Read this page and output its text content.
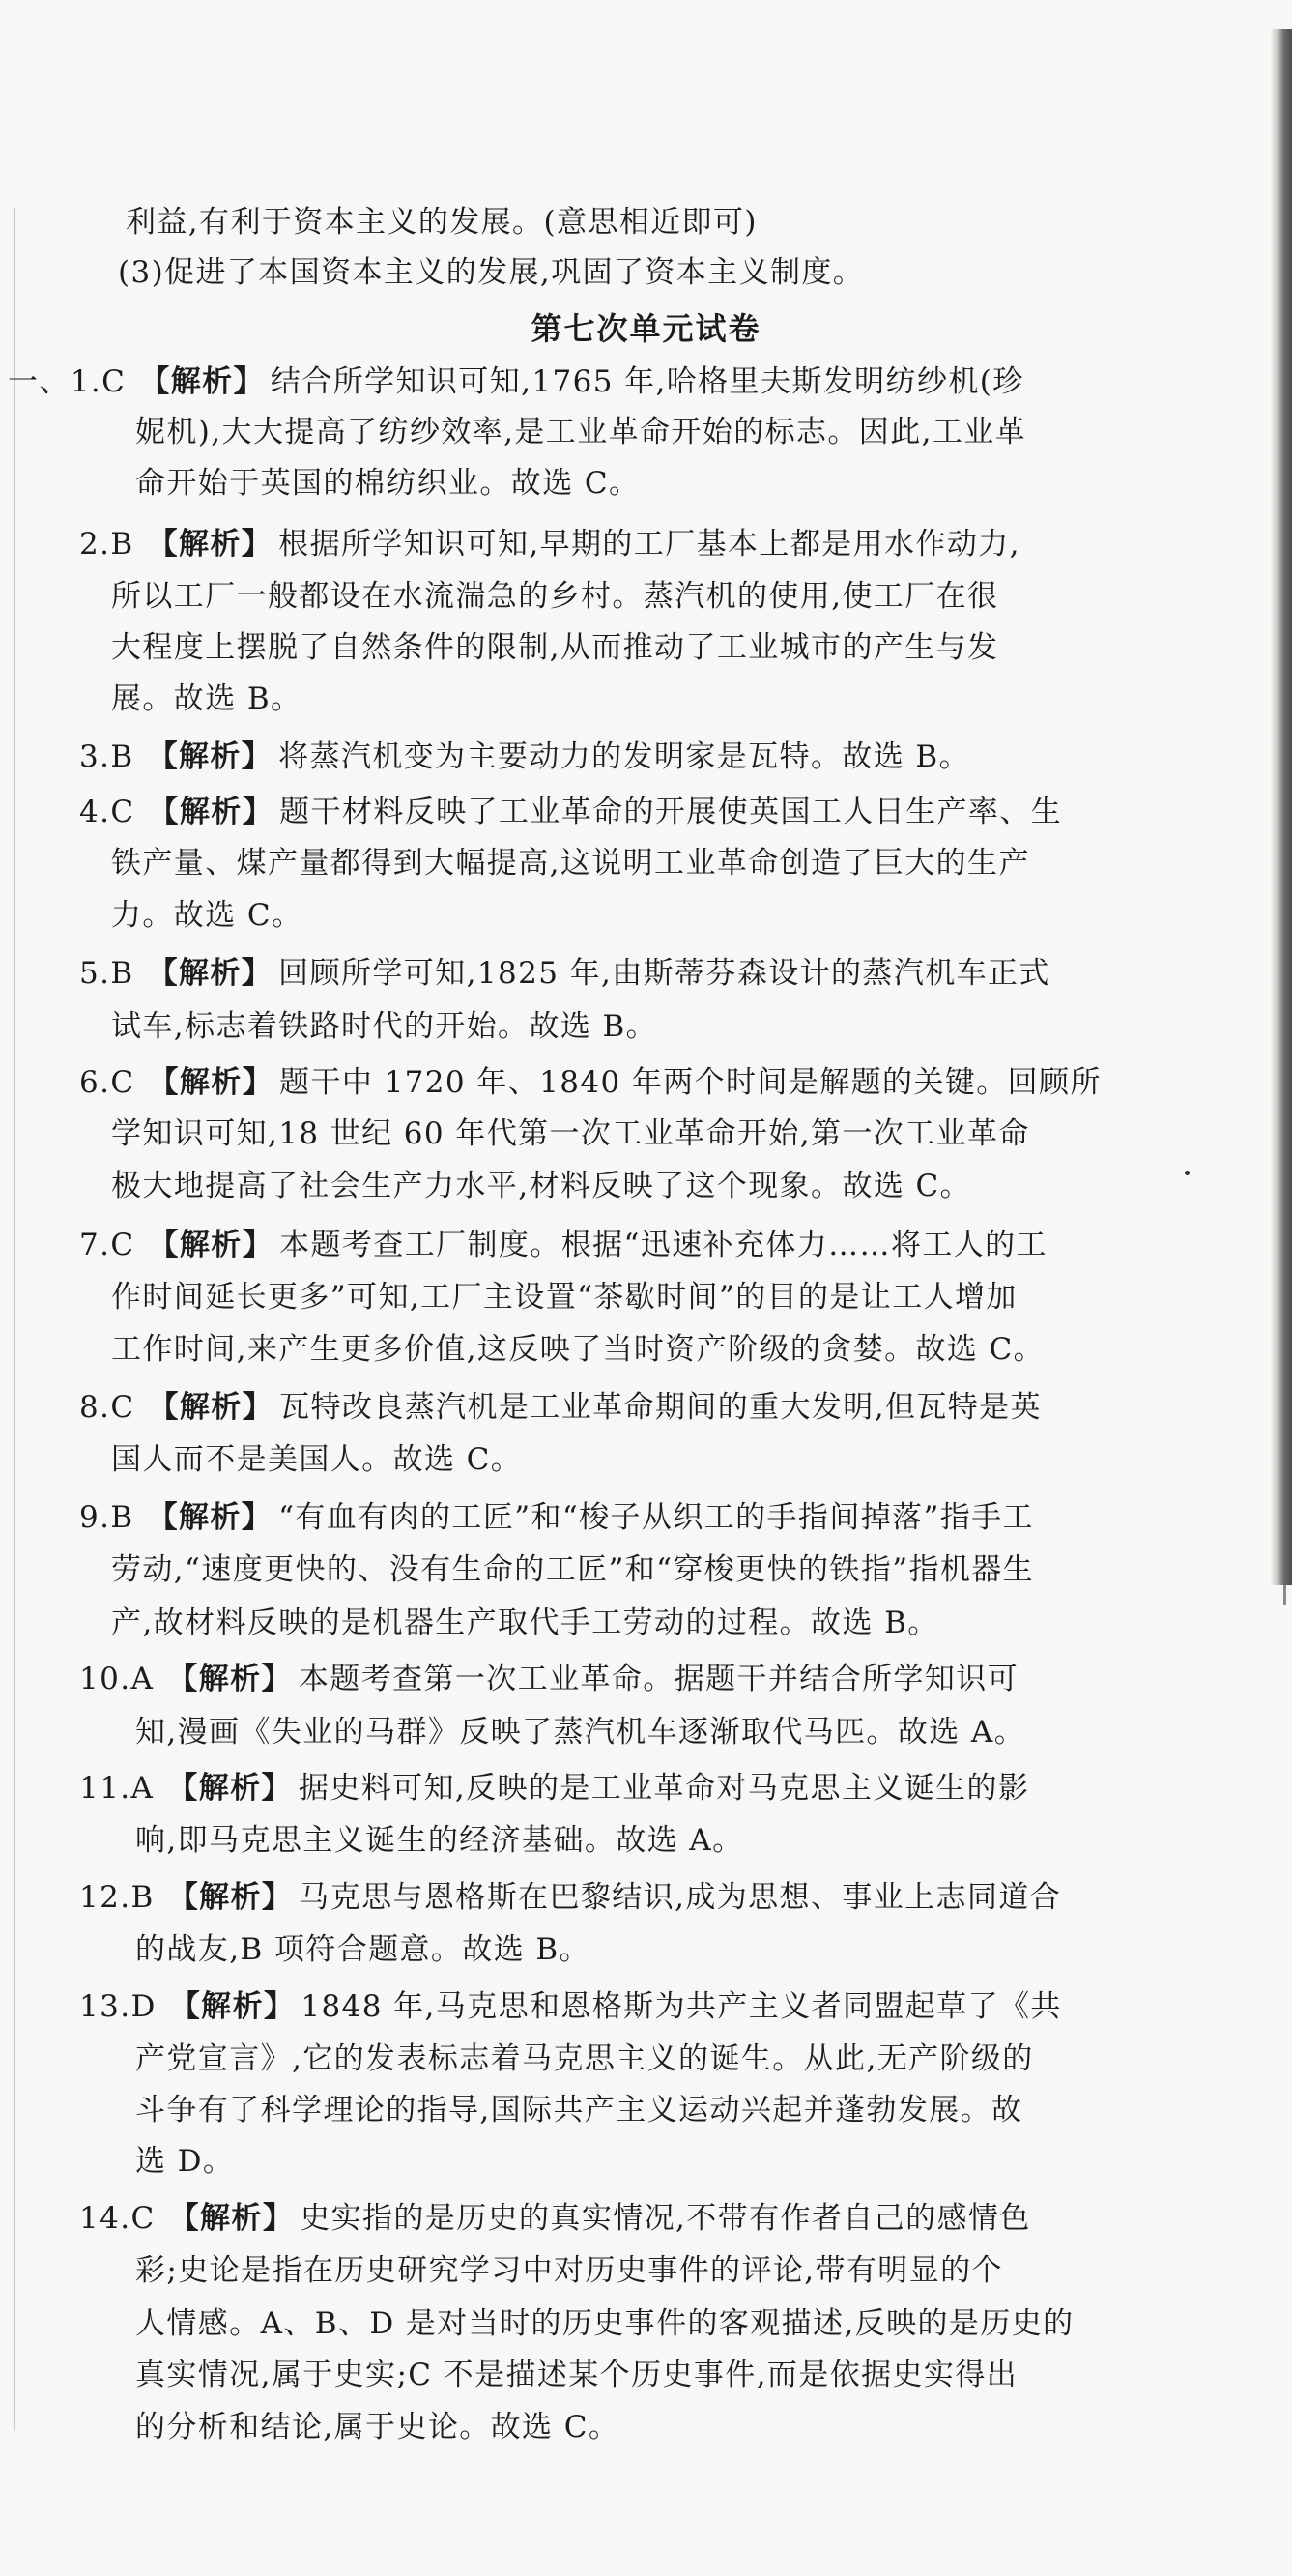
利益,有利于资本主义的发展。(意思相近即可)
(3)促进了本国资本主义的发展,巩固了资本主义制度。
第七次单元试卷
一、1.C 【解析】 结合所学知识可知,1765 年,哈格里夫斯发明纺纱机(珍
妮机),大大提高了纺纱效率,是工业革命开始的标志。因此,工业革
命开始于英国的棉纺织业。故选 C。
2.B 【解析】 根据所学知识可知,早期的工厂基本上都是用水作动力,
所以工厂一般都设在水流湍急的乡村。蒸汽机的使用,使工厂在很
大程度上摆脱了自然条件的限制,从而推动了工业城市的产生与发
展。故选 B。
3.B 【解析】 将蒸汽机变为主要动力的发明家是瓦特。故选 B。
4.C 【解析】 题干材料反映了工业革命的开展使英国工人日生产率、生
铁产量、煤产量都得到大幅提高,这说明工业革命创造了巨大的生产
力。故选 C。
5.B 【解析】 回顾所学可知,1825 年,由斯蒂芬森设计的蒸汽机车正式
试车,标志着铁路时代的开始。故选 B。
6.C 【解析】 题干中 1720 年、1840 年两个时间是解题的关键。回顾所
学知识可知,18 世纪 60 年代第一次工业革命开始,第一次工业革命
极大地提高了社会生产力水平,材料反映了这个现象。故选 C。
7.C 【解析】 本题考查工厂制度。根据“迅速补充体力……将工人的工
作时间延长更多”可知,工厂主设置“茶歇时间”的目的是让工人增加
工作时间,来产生更多价值,这反映了当时资产阶级的贪婪。故选 C。
8.C 【解析】 瓦特改良蒸汽机是工业革命期间的重大发明,但瓦特是英
国人而不是美国人。故选 C。
9.B 【解析】 “有血有肉的工匠”和“梭子从织工的手指间掉落”指手工
劳动,“速度更快的、没有生命的工匠”和“穿梭更快的铁指”指机器生
产,故材料反映的是机器生产取代手工劳动的过程。故选 B。
10.A 【解析】 本题考查第一次工业革命。据题干并结合所学知识可
知,漫画《失业的马群》反映了蒸汽机车逐渐取代马匹。故选 A。
11.A 【解析】 据史料可知,反映的是工业革命对马克思主义诞生的影
响,即马克思主义诞生的经济基础。故选 A。
12.B 【解析】 马克思与恩格斯在巴黎结识,成为思想、事业上志同道合
的战友,B 项符合题意。故选 B。
13.D 【解析】 1848 年,马克思和恩格斯为共产主义者同盟起草了《共
产党宣言》,它的发表标志着马克思主义的诞生。从此,无产阶级的
斗争有了科学理论的指导,国际共产主义运动兴起并蓬勃发展。故
选 D。
14.C 【解析】 史实指的是历史的真实情况,不带有作者自己的感情色
彩;史论是指在历史研究学习中对历史事件的评论,带有明显的个
人情感。A、B、D 是对当时的历史事件的客观描述,反映的是历史的
真实情况,属于史实;C 不是描述某个历史事件,而是依据史实得出
的分析和结论,属于史论。故选 C。
